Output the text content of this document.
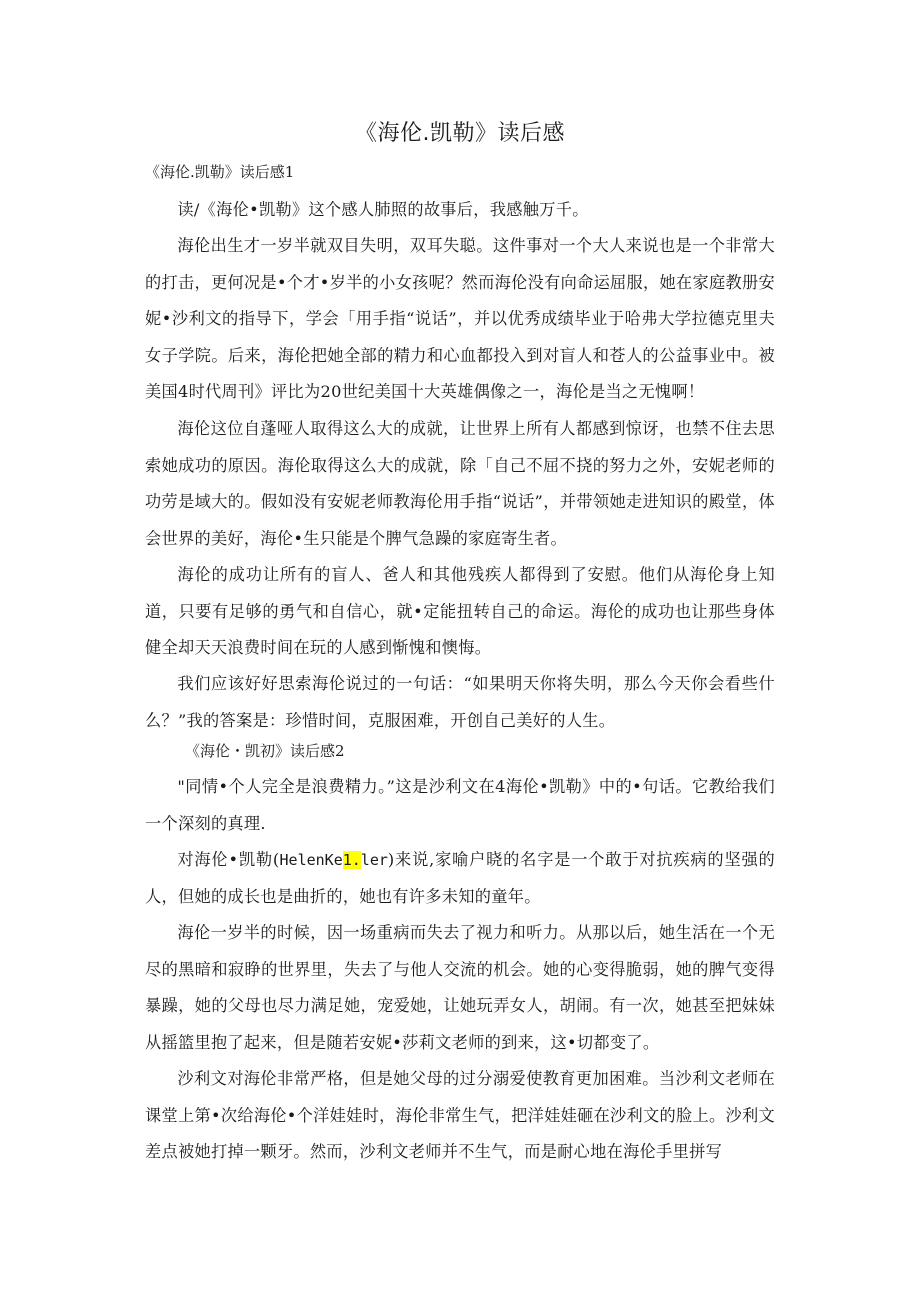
《海伦.凯勒》读后感
《海伦.凯勒》读后感1

读/《海伦•凯勒》这个感人肺照的故事后，我感触万千。

海伦出生才一岁半就双目失明，双耳失聪。这件事对一个大人来说也是一个非常大的打击，更何况是•个才•岁半的小女孩呢？然而海伦没有向命运屈服，她在家庭教册安妮•沙利文的指导下，学会「用手指“说话”，并以优秀成绩毕业于哈弗大学拉德克里夫女子学院。后来，海伦把她全部的精力和心血都投入到对盲人和苍人的公益事业中。被美国4时代周刊》评比为20世纪美国十大英雄偶像之一，海伦是当之无愧啊！

海伦这位自蓬哑人取得这么大的成就，让世界上所有人都感到惊讶，也禁不住去思索她成功的原因。海伦取得这么大的成就，除「自己不屈不挠的努力之外，安妮老师的功劳是域大的。假如没有安妮老师教海伦用手指“说话”，并带领她走进知识的殿堂，体会世界的美好，海伦•生只能是个脾气急躁的家庭寄生者。

海伦的成功让所有的盲人、爸人和其他残疾人都得到了安慰。他们从海伦身上知道，只要有足够的勇气和自信心，就•定能扭转自己的命运。海伦的成功也让那些身体健全却天天浪费时间在玩的人感到惭愧和懊悔。

我们应该好好思索海伦说过的一句话：“如果明天你将失明，那么今天你会看些什么？”我的答案是：珍惜时间，克服困难，开创自己美好的人生。

《海伦・凯初》读后感2

"同情•个人完全是浪费精力。”这是沙利文在4海伦•凯勒》中的•句话。它教给我们一个深刻的真理.

对海伦•凯勒(HelenKe1.ler)来说,家喻户晓的名字是一个敢于对抗疾病的坚强的人，但她的成长也是曲折的，她也有许多未知的童年。

海伦一岁半的时候，因一场重病而失去了视力和听力。从那以后，她生活在一个无尽的黑暗和寂睁的世界里，失去了与他人交流的机会。她的心变得脆弱，她的脾气变得暴躁，她的父母也尽力满足她，宠爱她，让她玩弄女人，胡闹。有一次，她甚至把妹妹从摇篮里抱了起来，但是随若安妮•莎莉文老师的到来，这•切都变了。

沙利文对海伦非常严格，但是她父母的过分溺爱使教育更加困难。当沙利文老师在课堂上第•次给海伦•个洋娃娃时，海伦非常生气，把洋娃娃砸在沙利文的脸上。沙利文差点被她打掉一颗牙。然而，沙利文老师并不生气，而是耐心地在海伦手里拼写
